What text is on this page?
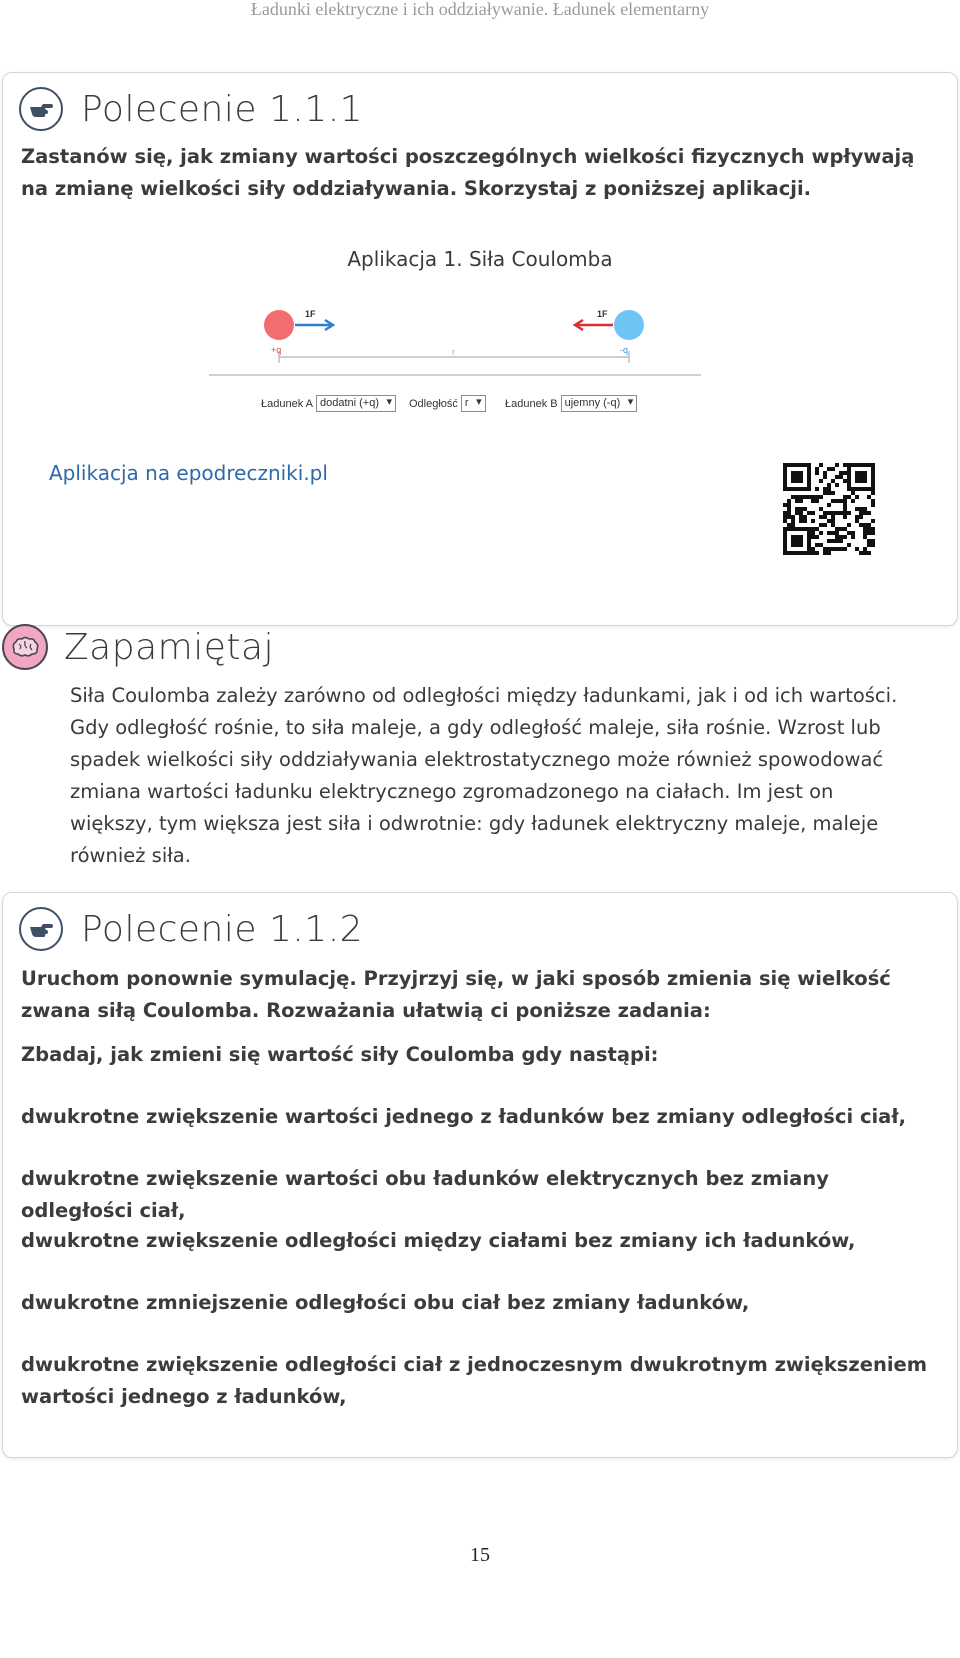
Ładunki elektryczne i ich oddziaływanie. Ładunek elementarny
Polecenie 1.1.1
Zastanów się, jak zmiany wartości poszczególnych wielkości fizycznych wpływają na zmianę wielkości siły oddziaływania. Skorzystaj z poniższej aplikacji.
Aplikacja 1. Siła Coulomba
1F	1F
+q	-q
r
Ładunek A dodatni (+q) ▾	Odległość r ▾	Ładunek B ujemny (-q) ▾
Aplikacja na epodreczniki.pl
Zapamiętaj
Siła Coulomba zależy zarówno od odległości między ładunkami, jak i od ich wartości. Gdy odległość rośnie, to siła maleje, a gdy odległość maleje, siła rośnie. Wzrost lub spadek wielkości siły oddziaływania elektrostatycznego może również spowodować zmiana wartości ładunku elektrycznego zgromadzonego na ciałach. Im jest on większy, tym większa jest siła i odwrotnie: gdy ładunek elektryczny maleje, maleje również siła.
Polecenie 1.1.2
Uruchom ponownie symulację. Przyjrzyj się, w jaki sposób zmienia się wielkość zwana siłą Coulomba. Rozważania ułatwią ci poniższe zadania:
Zbadaj, jak zmieni się wartość siły Coulomba gdy nastąpi:
dwukrotne zwiększenie wartości jednego z ładunków bez zmiany odległości ciał,
dwukrotne zwiększenie wartości obu ładunków elektrycznych bez zmiany odległości ciał,
dwukrotne zwiększenie odległości między ciałami bez zmiany ich ładunków,
dwukrotne zmniejszenie odległości obu ciał bez zmiany ładunków,
dwukrotne zwiększenie odległości ciał z jednoczesnym dwukrotnym zwiększeniem wartości jednego z ładunków,
15
